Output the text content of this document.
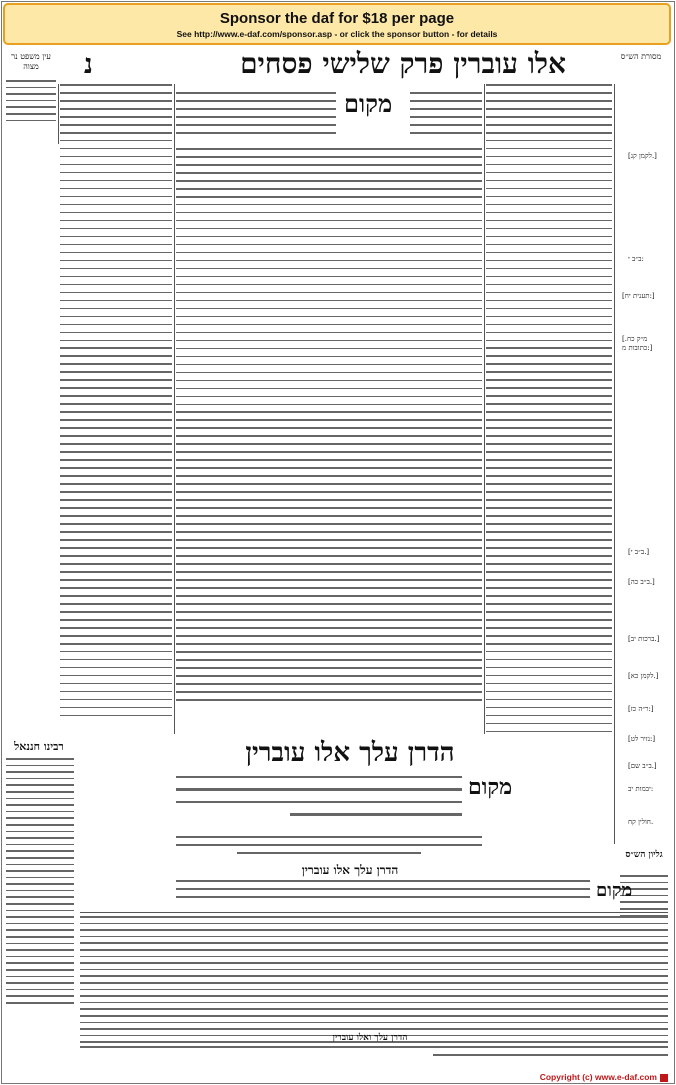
Sponsor the daf for $18 per page
See http://www.e-daf.com/sponsor.asp - or click the sponsor button - for details
נ	אלו עוברין פרק שלישי פסחים
עין משפט נר מצוה
מסורת הש״ס
רבינו חננאל
מקום
[לקמן קנ.]
ב״ב י:
[תענית יח:]
[מ״ק כח. כתובות מ:]
[ב״ב י.]
[ב״ב כה.]
[ברכות יב.]
[לקמן כא.]
[ר״ה כז:]
[נזיר לט:]
[ב״ב שם.]
יבמות יב:
חולין קח.
גליון הש״ס
הדרן עלך אלו עוברין
מקום
הדרן עלך אלו עוברין
מקום
הדרן עלך ואלו עוברין
Copyright (c) www.e-daf.com
